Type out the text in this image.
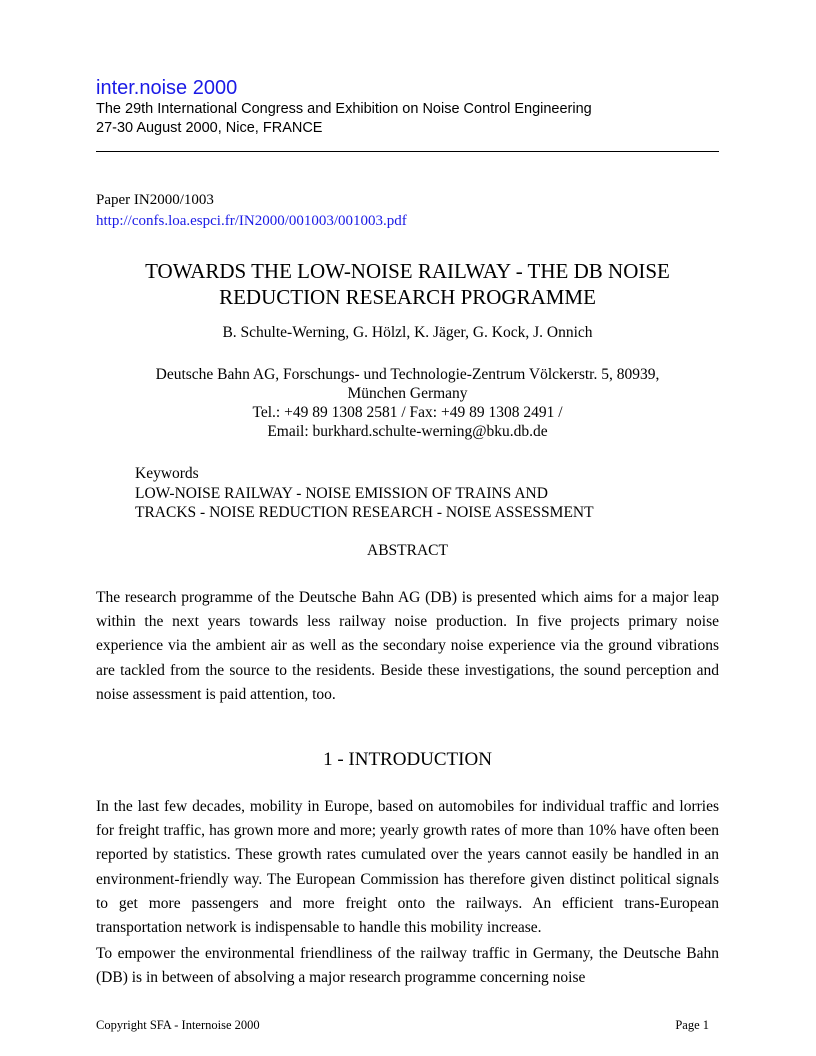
inter.noise 2000
The 29th International Congress and Exhibition on Noise Control Engineering
27-30 August 2000, Nice, FRANCE
Paper IN2000/1003
http://confs.loa.espci.fr/IN2000/001003/001003.pdf
TOWARDS THE LOW-NOISE RAILWAY - THE DB NOISE
REDUCTION RESEARCH PROGRAMME
B. Schulte-Werning, G. Hölzl, K. Jäger, G. Kock, J. Onnich
Deutsche Bahn AG, Forschungs- und Technologie-Zentrum Völckerstr. 5, 80939,
München Germany
Tel.: +49 89 1308 2581 / Fax: +49 89 1308 2491 /
Email: burkhard.schulte-werning@bku.db.de
Keywords
LOW-NOISE RAILWAY - NOISE EMISSION OF TRAINS AND
TRACKS - NOISE REDUCTION RESEARCH - NOISE ASSESSMENT
ABSTRACT
The research programme of the Deutsche Bahn AG (DB) is presented which aims for a major leap within the next years towards less railway noise production. In five projects primary noise experience via the ambient air as well as the secondary noise experience via the ground vibrations are tackled from the source to the residents. Beside these investigations, the sound perception and noise assessment is paid attention, too.
1 - INTRODUCTION

In the last few decades, mobility in Europe, based on automobiles for individual traffic and lorries for freight traffic, has grown more and more; yearly growth rates of more than 10% have often been reported by statistics. These growth rates cumulated over the years cannot easily be handled in an environment-friendly way. The European Commission has therefore given distinct political signals to get more passengers and more freight onto the railways. An efficient trans-European transportation network is indispensable to handle this mobility increase.

To empower the environmental friendliness of the railway traffic in Germany, the Deutsche Bahn (DB) is in between of absolving a major research programme concerning noise

Copyright SFA - Internoise 2000	Page 1
